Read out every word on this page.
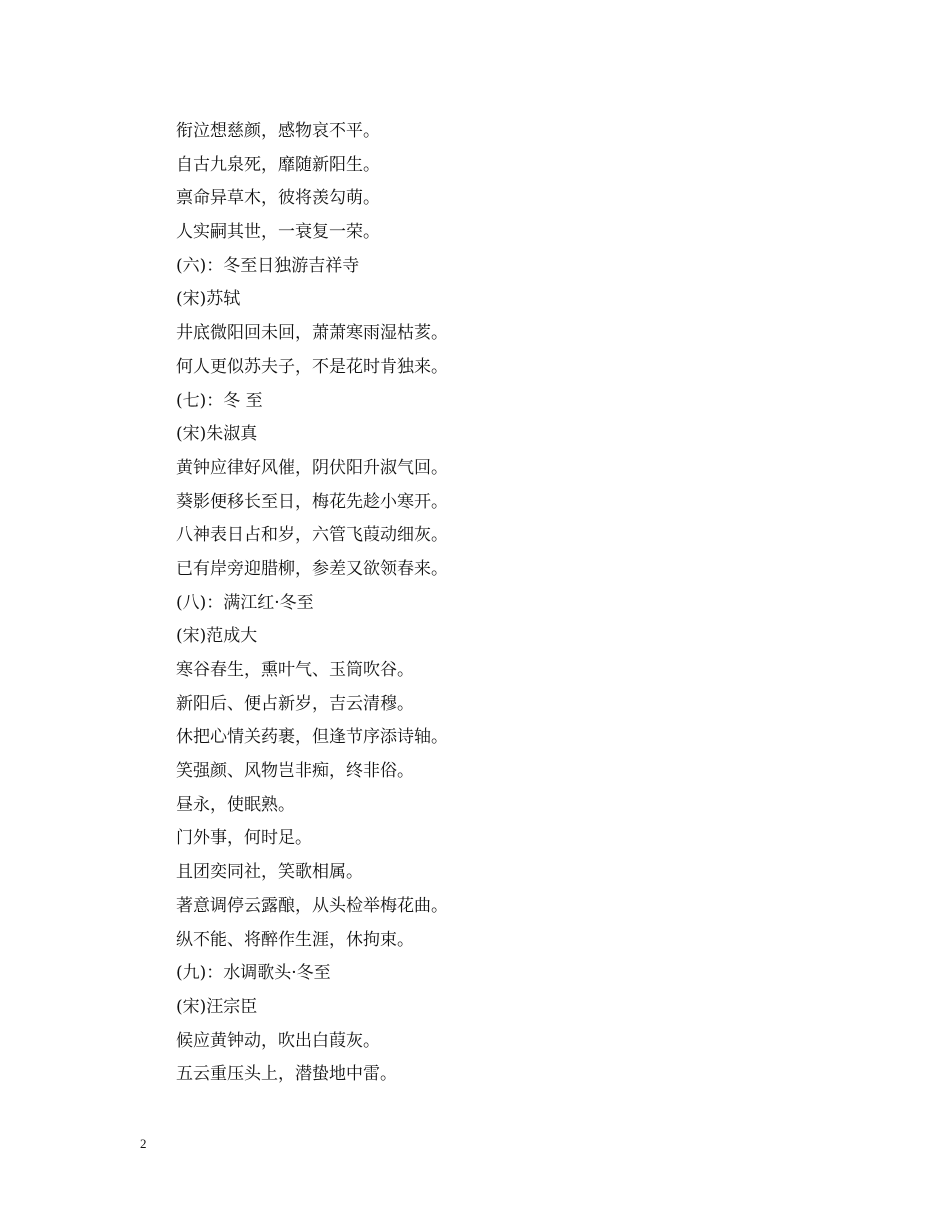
衔泣想慈颜，感物哀不平。
自古九泉死，靡随新阳生。
禀命异草木，彼将羡勾萌。
人实嗣其世，一衰复一荣。
(六)：冬至日独游吉祥寺
(宋)苏轼
井底微阳回未回，萧萧寒雨湿枯荄。
何人更似苏夫子，不是花时肯独来。
(七)：冬 至
(宋)朱淑真
黄钟应律好风催，阴伏阳升淑气回。
葵影便移长至日，梅花先趁小寒开。
八神表日占和岁，六管飞葭动细灰。
已有岸旁迎腊柳，参差又欲领春来。
(八)：满江红·冬至
(宋)范成大
寒谷春生，熏叶气、玉筒吹谷。
新阳后、便占新岁，吉云清穆。
休把心情关药裹，但逢节序添诗轴。
笑强颜、风物岂非痴，终非俗。
昼永，使眠熟。
门外事，何时足。
且团奕同社，笑歌相属。
著意调停云露酿，从头检举梅花曲。
纵不能、将醉作生涯，休拘束。
(九)：水调歌头·冬至
(宋)汪宗臣
候应黄钟动，吹出白葭灰。
五云重压头上，潜蛰地中雷。
2
